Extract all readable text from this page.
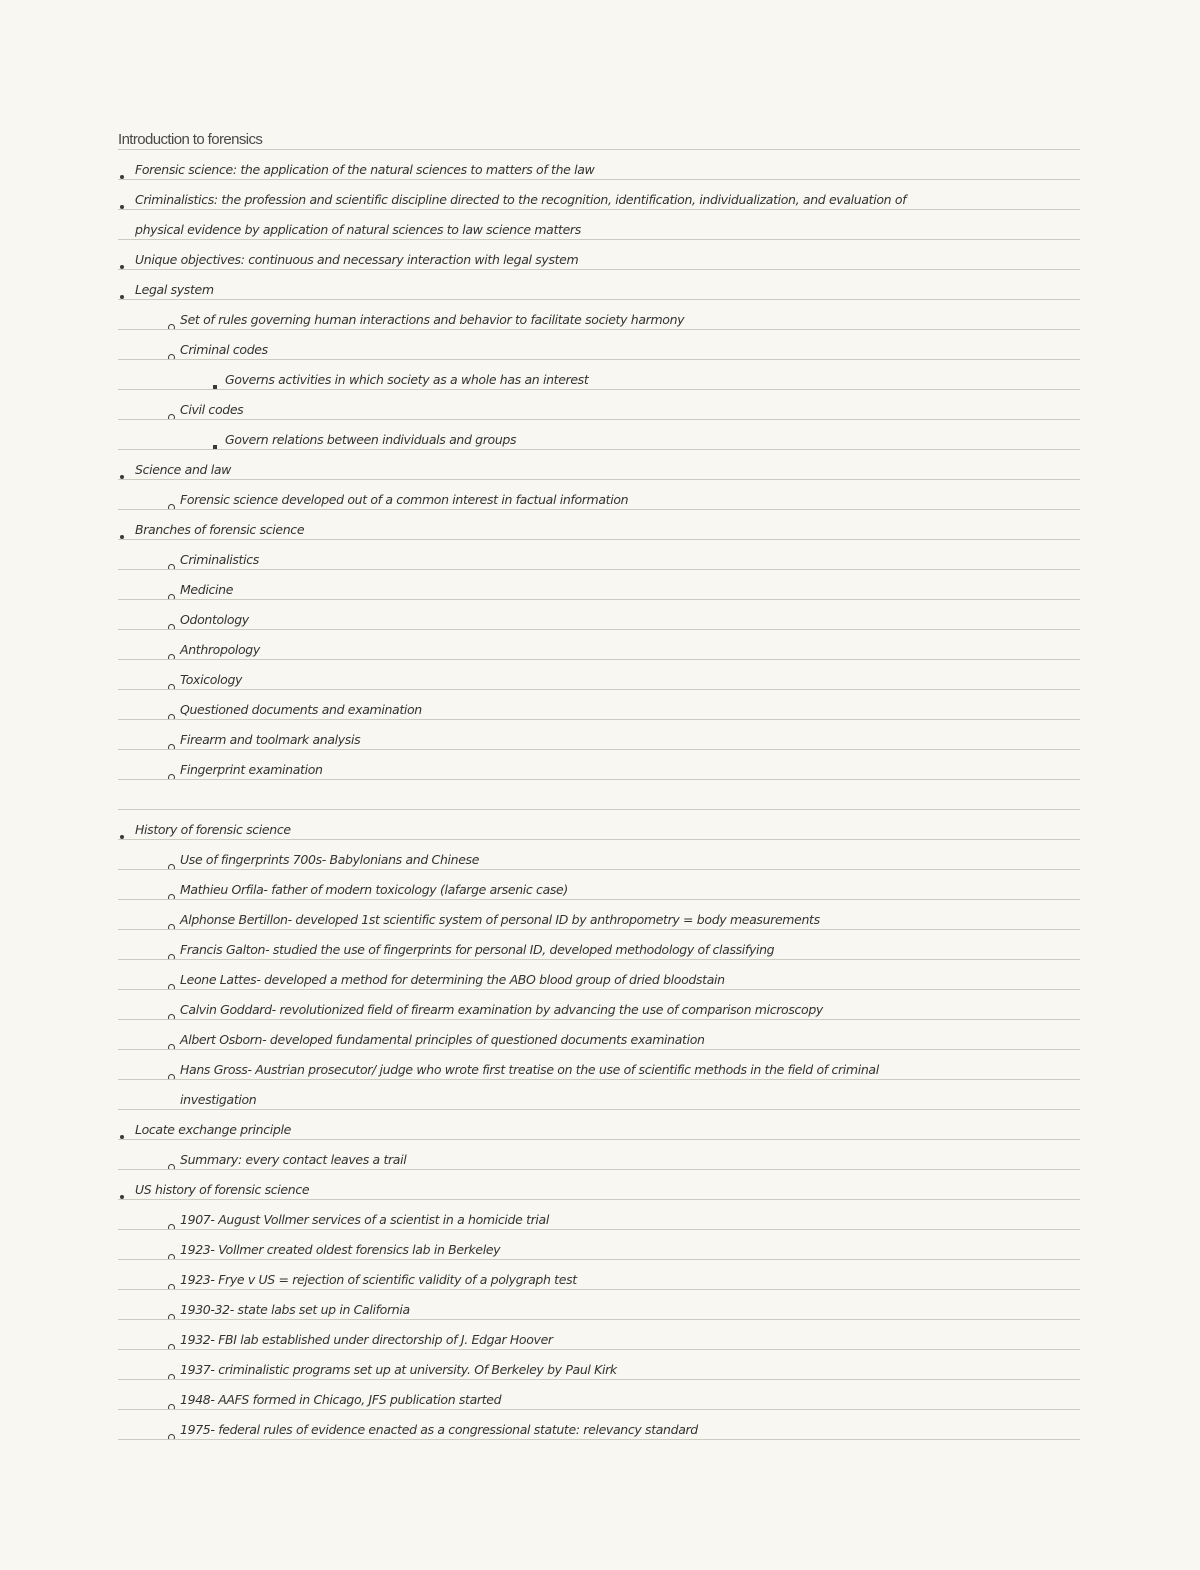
Introduction to forensics
Forensic science: the application of the natural sciences to matters of the law
Criminalistics: the profession and scientific discipline directed to the recognition, identification, individualization, and evaluation of
physical evidence by application of natural sciences to law science matters
Unique objectives: continuous and necessary interaction with legal system
Legal system
Set of rules governing human interactions and behavior to facilitate society harmony
Criminal codes
Governs activities in which society as a whole has an interest
Civil codes
Govern relations between individuals and groups
Science and law
Forensic science developed out of a common interest in factual information
Branches of forensic science
Criminalistics
Medicine
Odontology
Anthropology
Toxicology
Questioned documents and examination
Firearm and toolmark analysis
Fingerprint examination
History of forensic science
Use of fingerprints 700s- Babylonians and Chinese
Mathieu Orfila- father of modern toxicology (lafarge arsenic case)
Alphonse Bertillon- developed 1st scientific system of personal ID by anthropometry = body measurements
Francis Galton- studied the use of fingerprints for personal ID, developed methodology of classifying
Leone Lattes- developed a method for determining the ABO blood group of dried bloodstain
Calvin Goddard- revolutionized field of firearm examination by advancing the use of comparison microscopy
Albert Osborn- developed fundamental principles of questioned documents examination
Hans Gross- Austrian prosecutor/ judge who wrote first treatise on the use of scientific methods in the field of criminal
investigation
Locate exchange principle
Summary: every contact leaves a trail
US history of forensic science
1907- August Vollmer services of a scientist in a homicide trial
1923- Vollmer created oldest forensics lab in Berkeley
1923- Frye v US = rejection of scientific validity of a polygraph test
1930-32- state labs set up in California
1932- FBI lab established under directorship of J. Edgar Hoover
1937- criminalistic programs set up at university. Of Berkeley by Paul Kirk
1948- AAFS formed in Chicago, JFS publication started
1975- federal rules of evidence enacted as a congressional statute: relevancy standard
